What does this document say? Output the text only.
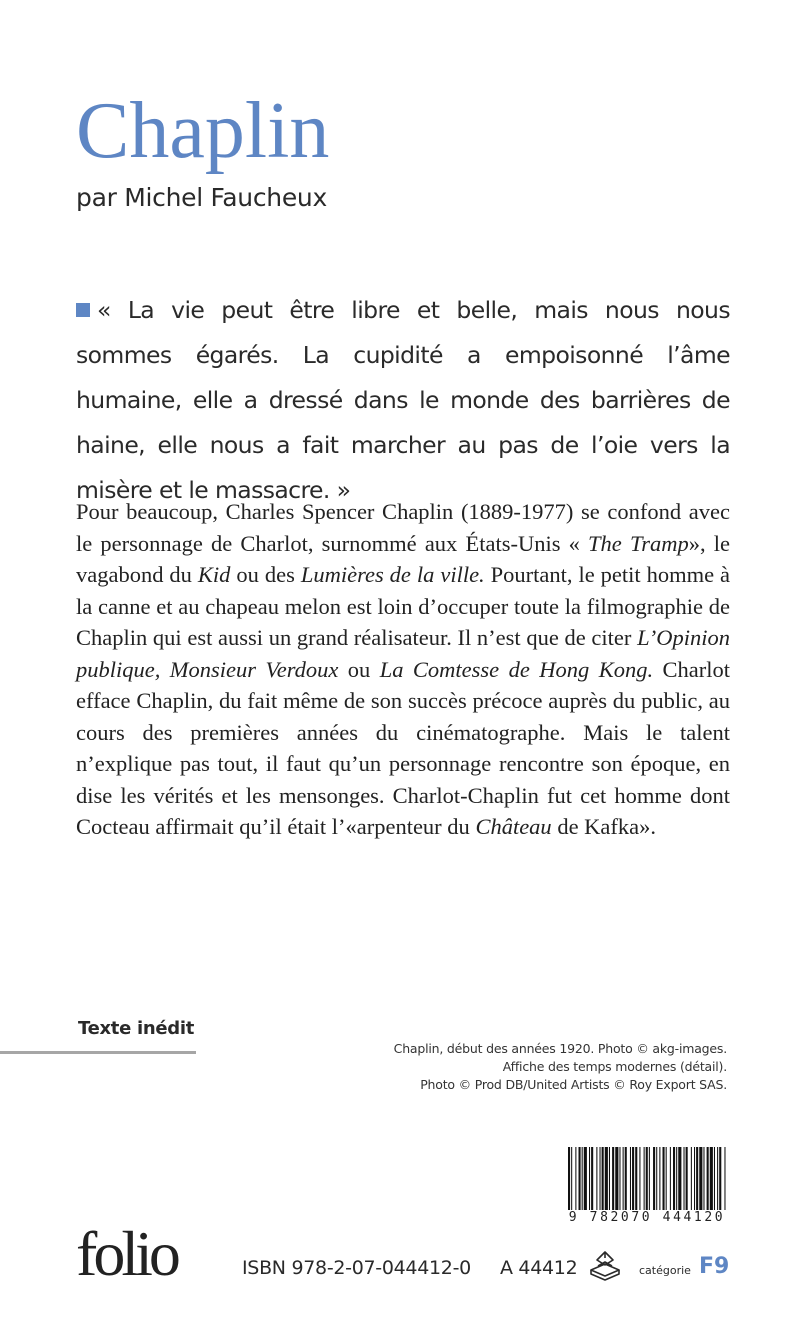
Chaplin
par Michel Faucheux

« La vie peut être libre et belle, mais nous nous sommes égarés. La cupidité a empoisonné l’âme humaine, elle a dressé dans le monde des barrières de haine, elle nous a fait marcher au pas de l’oie vers la misère et le massacre. »

Pour beaucoup, Charles Spencer Chaplin (1889-1977) se confond avec le personnage de Charlot, surnommé aux États-Unis « The Tramp», le vagabond du Kid ou des Lumières de la ville. Pourtant, le petit homme à la canne et au chapeau melon est loin d’occuper toute la filmographie de Chaplin qui est aussi un grand réalisateur. Il n’est que de citer L’Opinion publique, Monsieur Verdoux ou La Comtesse de Hong Kong. Charlot efface Chaplin, du fait même de son succès précoce auprès du public, au cours des premières années du cinématographe. Mais le talent n’explique pas tout, il faut qu’un personnage rencontre son époque, en dise les vérités et les mensonges. Charlot-Chaplin fut cet homme dont Cocteau affirmait qu’il était l’«arpenteur du Château de Kafka».

Texte inédit
Chaplin, début des années 1920. Photo © akg-images.
Affiche des temps modernes (détail).
Photo © Prod DB/United Artists © Roy Export SAS.
9 782070 444120
folio	ISBN 978-2-07-044412-0 A 44412	catégorie F9
